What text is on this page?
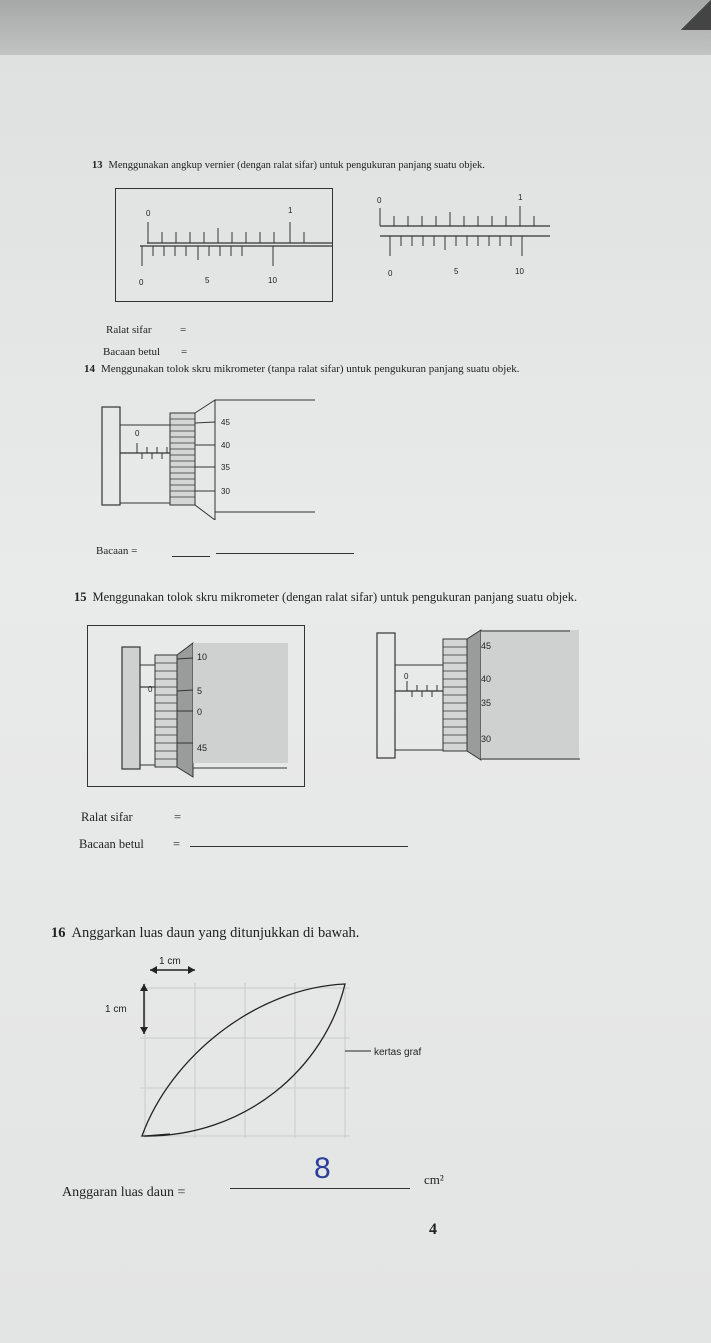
13 Menggunakan angkup vernier (dengan ralat sifar) untuk pengukuran panjang suatu objek.
0	1
0	5	10
0	1
0	5	10
Ralat sifar	=
Bacaan betul =
14 Menggunakan tolok skru mikrometer (tanpa ralat sifar) untuk pengukuran panjang suatu objek.
0
45
40
35
30
Bacaan =
15 Menggunakan tolok skru mikrometer (dengan ralat sifar) untuk pengukuran panjang suatu objek.
0
10
5
0
45
0
45
40
35
30
Ralat sifar	=
Bacaan betul =
16 Anggarkan luas daun yang ditunjukkan di bawah.
1 cm
1 cm
kertas graf
Anggaran luas daun =
8	cm²
4
